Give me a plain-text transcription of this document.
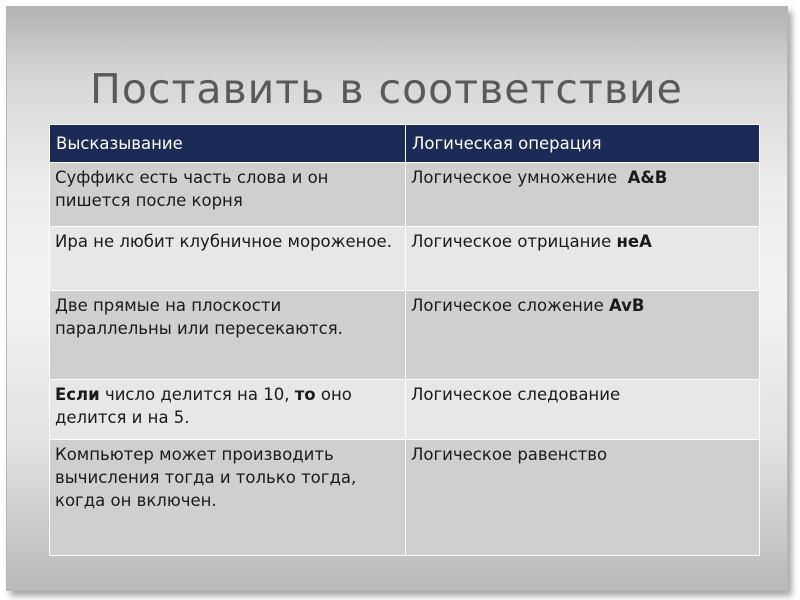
Поставить в соответствие
Высказывание	Логическая операция
Суффикс есть часть слова и он пишется после корня	Логическое умножение  A&B
Ира не любит клубничное мороженое.	Логическое отрицание неA
Две прямые на плоскости параллельны или пересекаются.	Логическое сложение AvB
Если число делится на 10, то оно делится и на 5.	Логическое следование
Компьютер может производить вычисления тогда и только тогда, когда он включен.	Логическое равенство
